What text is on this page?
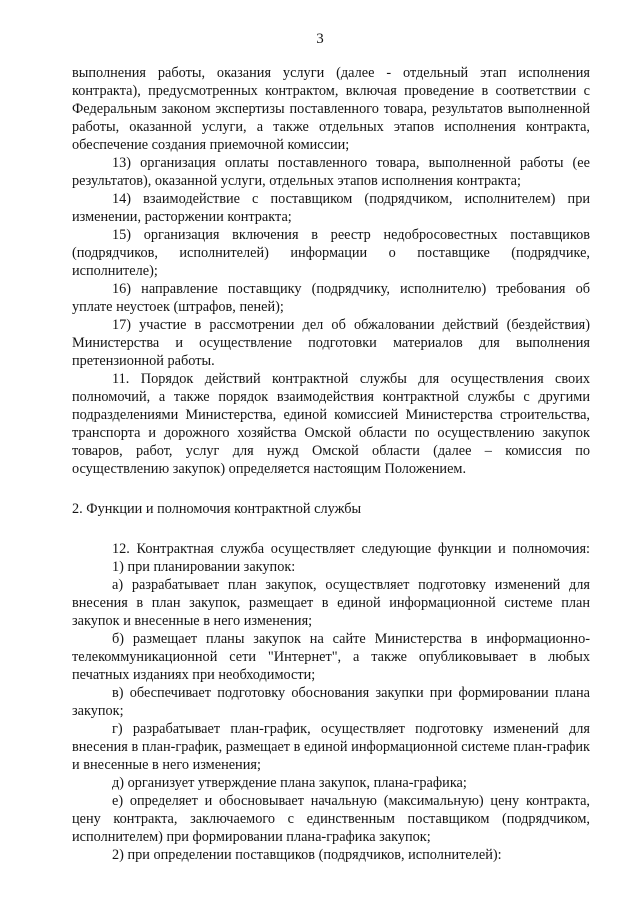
3

выполнения работы, оказания услуги (далее - отдельный этап исполнения контракта), предусмотренных контрактом, включая проведение в соответствии с Федеральным законом экспертизы поставленного товара, результатов выполненной работы, оказанной услуги, а также отдельных этапов исполнения контракта, обеспечение создания приемочной комиссии;

13) организация оплаты поставленного товара, выполненной работы (ее результатов), оказанной услуги, отдельных этапов исполнения контракта;

14) взаимодействие с поставщиком (подрядчиком, исполнителем) при изменении, расторжении контракта;

15) организация включения в реестр недобросовестных поставщиков (подрядчиков, исполнителей) информации о поставщике (подрядчике, исполнителе);

16) направление поставщику (подрядчику, исполнителю) требования об уплате неустоек (штрафов, пеней);

17) участие в рассмотрении дел об обжаловании действий (бездействия) Министерства и осуществление подготовки материалов для выполнения претензионной работы.

11. Порядок действий контрактной службы для осуществления своих полномочий, а также порядок взаимодействия контрактной службы с другими подразделениями Министерства, единой комиссией Министерства строительства, транспорта и дорожного хозяйства Омской области по осуществлению закупок товаров, работ, услуг для нужд Омской области (далее – комиссия по осуществлению закупок) определяется настоящим Положением.

2. Функции и полномочия контрактной службы

12. Контрактная служба осуществляет следующие функции и полномочия:

1) при планировании закупок:

а) разрабатывает план закупок, осуществляет подготовку изменений для внесения в план закупок, размещает в единой информационной системе план закупок и внесенные в него изменения;

б) размещает планы закупок на сайте Министерства в информационно-телекоммуникационной сети "Интернет", а также опубликовывает в любых печатных изданиях при необходимости;

в) обеспечивает подготовку обоснования закупки при формировании плана закупок;

г) разрабатывает план-график, осуществляет подготовку изменений для внесения в план-график, размещает в единой информационной системе план-график и внесенные в него изменения;

д) организует утверждение плана закупок, плана-графика;

е) определяет и обосновывает начальную (максимальную) цену контракта, цену контракта, заключаемого с единственным поставщиком (подрядчиком, исполнителем) при формировании плана-графика закупок;

2) при определении поставщиков (подрядчиков, исполнителей):
